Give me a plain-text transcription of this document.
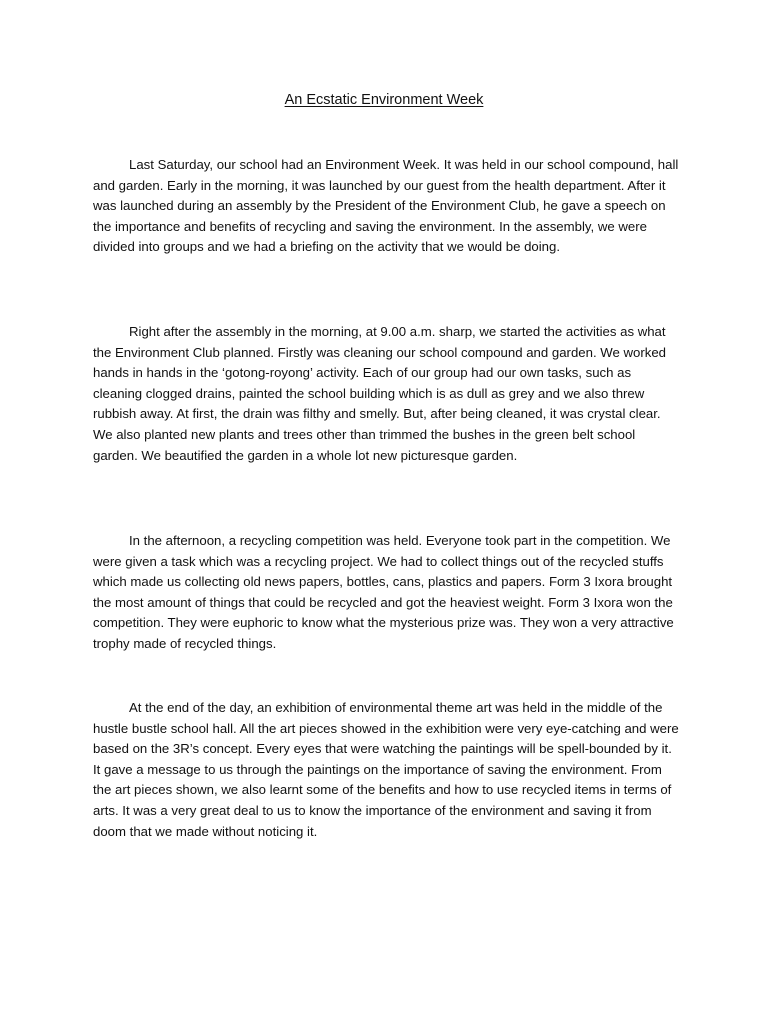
An Ecstatic Environment Week

Last Saturday, our school had an Environment Week. It was held in our school compound, hall and garden. Early in the morning, it was launched by our guest from the health department. After it was launched during an assembly by the President of the Environment Club, he gave a speech on the importance and benefits of recycling and saving the environment. In the assembly, we were divided into groups and we had a briefing on the activity that we would be doing.

Right after the assembly in the morning, at 9.00 a.m. sharp, we started the activities as what the Environment Club planned. Firstly was cleaning our school compound and garden. We worked hands in hands in the ‘gotong-royong’ activity. Each of our group had our own tasks, such as cleaning clogged drains, painted the school building which is as dull as grey and we also threw rubbish away. At first, the drain was filthy and smelly. But, after being cleaned, it was crystal clear. We also planted new plants and trees other than trimmed the bushes in the green belt school garden. We beautified the garden in a whole lot new picturesque garden.

In the afternoon, a recycling competition was held. Everyone took part in the competition. We were given a task which was a recycling project. We had to collect things out of the recycled stuffs which made us collecting old news papers, bottles, cans, plastics and papers. Form 3 Ixora brought the most amount of things that could be recycled and got the heaviest weight. Form 3 Ixora won the competition. They were euphoric to know what the mysterious prize was. They won a very attractive trophy made of recycled things.

At the end of the day, an exhibition of environmental theme art was held in the middle of the hustle bustle school hall. All the art pieces showed in the exhibition were very eye-catching and were based on the 3R’s concept. Every eyes that were watching the paintings will be spell-bounded by it. It gave a message to us through the paintings on the importance of saving the environment. From the art pieces shown, we also learnt some of the benefits and how to use recycled items in terms of arts. It was a very great deal to us to know the importance of the environment and saving it from doom that we made without noticing it.
